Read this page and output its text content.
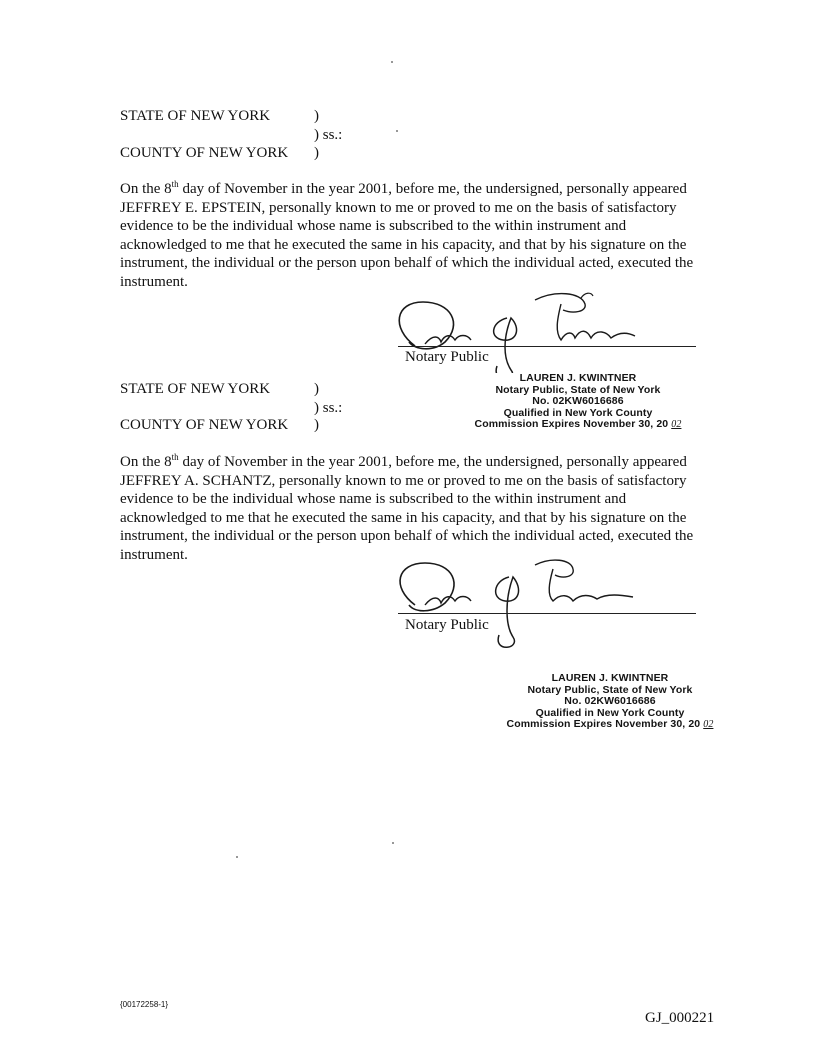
STATE OF NEW YORK	)
) ss.:
COUNTY OF NEW YORK )
On the 8th day of November in the year 2001, before me, the undersigned, personally appeared JEFFREY E. EPSTEIN, personally known to me or proved to me on the basis of satisfactory evidence to be the individual whose name is subscribed to the within instrument and acknowledged to me that he executed the same in his capacity, and that by his signature on the instrument, the individual or the person upon behalf of which the individual acted, executed the instrument.
Notary Public
LAUREN J. KWINTNER
Notary Public, State of New York
No. 02KW6016686
Qualified in New York County
Commission Expires November 30, 20 02
STATE OF NEW YORK	)
) ss.:
COUNTY OF NEW YORK )
On the 8th day of November in the year 2001, before me, the undersigned, personally appeared JEFFREY A. SCHANTZ, personally known to me or proved to me on the basis of satisfactory evidence to be the individual whose name is subscribed to the within instrument and acknowledged to me that he executed the same in his capacity, and that by his signature on the instrument, the individual or the person upon behalf of which the individual acted, executed the instrument.
Notary Public
LAUREN J. KWINTNER
Notary Public, State of New York
No. 02KW6016686
Qualified in New York County
Commission Expires November 30, 20 02
{00172258-1}
GJ_000221
